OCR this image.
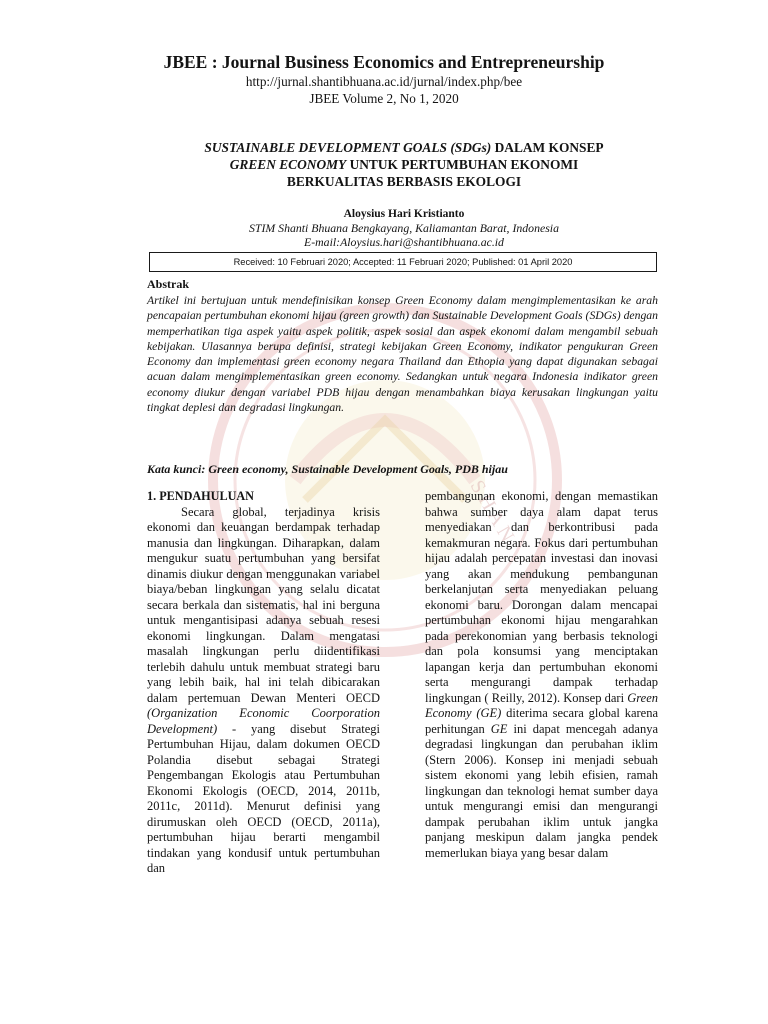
S H A N
JBEE : Journal Business Economics and Entrepreneurship
http://jurnal.shantibhuana.ac.id/jurnal/index.php/bee
JBEE Volume 2, No 1, 2020
SUSTAINABLE DEVELOPMENT GOALS (SDGs) DALAM KONSEP
GREEN ECONOMY UNTUK PERTUMBUHAN EKONOMI
BERKUALITAS BERBASIS EKOLOGI
Aloysius Hari Kristianto
STIM Shanti Bhuana Bengkayang, Kaliamantan Barat, Indonesia
E-mail:Aloysius.hari@shantibhuana.ac.id
Received: 10 Februari 2020; Accepted: 11 Februari 2020; Published: 01 April 2020
Abstrak
Artikel ini bertujuan untuk mendefinisikan konsep Green Economy dalam mengimplementasikan ke arah pencapaian pertumbuhan ekonomi hijau (green growth) dan Sustainable Development Goals (SDGs) dengan memperhatikan tiga aspek yaitu aspek politik, aspek sosial dan aspek ekonomi dalam mengambil sebuah kebijakan. Ulasannya berupa definisi, strategi kebijakan Green Economy, indikator pengukuran Green Economy dan implementasi green economy negara Thailand dan Ethopia yang dapat digunakan sebagai acuan dalam mengimplementasikan green economy. Sedangkan untuk negara Indonesia indikator green economy diukur dengan variabel PDB hijau dengan menambahkan biaya kerusakan lingkungan yaitu tingkat deplesi dan degradasi lingkungan.
Kata kunci: Green economy, Sustainable Development Goals, PDB hijau

1. PENDAHULUAN

Secara global, terjadinya krisis ekonomi dan keuangan berdampak terhadap manusia dan lingkungan. Diharapkan, dalam mengukur suatu pertumbuhan yang bersifat dinamis diukur dengan menggunakan variabel biaya/beban lingkungan yang selalu dicatat secara berkala dan sistematis, hal ini berguna untuk mengantisipasi adanya sebuah resesi ekonomi lingkungan. Dalam mengatasi masalah lingkungan perlu diidentifikasi terlebih dahulu untuk membuat strategi baru yang lebih baik, hal ini telah dibicarakan dalam pertemuan Dewan Menteri OECD (Organization Economic Coorporation Development) - yang disebut Strategi Pertumbuhan Hijau, dalam dokumen OECD Polandia disebut sebagai Strategi Pengembangan Ekologis atau Pertumbuhan Ekonomi Ekologis (OECD, 2014, 2011b, 2011c, 2011d). Menurut definisi yang dirumuskan oleh OECD (OECD, 2011a), pertumbuhan hijau berarti mengambil tindakan yang kondusif untuk pertumbuhan dan

pembangunan ekonomi, dengan memastikan bahwa sumber daya alam dapat terus menyediakan dan berkontribusi pada kemakmuran negara. Fokus dari pertumbuhan hijau adalah percepatan investasi dan inovasi yang akan mendukung pembangunan berkelanjutan serta menyediakan peluang ekonomi baru. Dorongan dalam mencapai pertumbuhan ekonomi hijau mengarahkan pada perekonomian yang berbasis teknologi dan pola konsumsi yang menciptakan lapangan kerja dan pertumbuhan ekonomi serta mengurangi dampak terhadap lingkungan ( Reilly, 2012). Konsep dari Green Economy (GE) diterima secara global karena perhitungan GE ini dapat mencegah adanya degradasi lingkungan dan perubahan iklim (Stern 2006). Konsep ini menjadi sebuah sistem ekonomi yang lebih efisien, ramah lingkungan dan teknologi hemat sumber daya untuk mengurangi emisi dan mengurangi dampak perubahan iklim untuk jangka panjang meskipun dalam jangka pendek memerlukan biaya yang besar dalam
